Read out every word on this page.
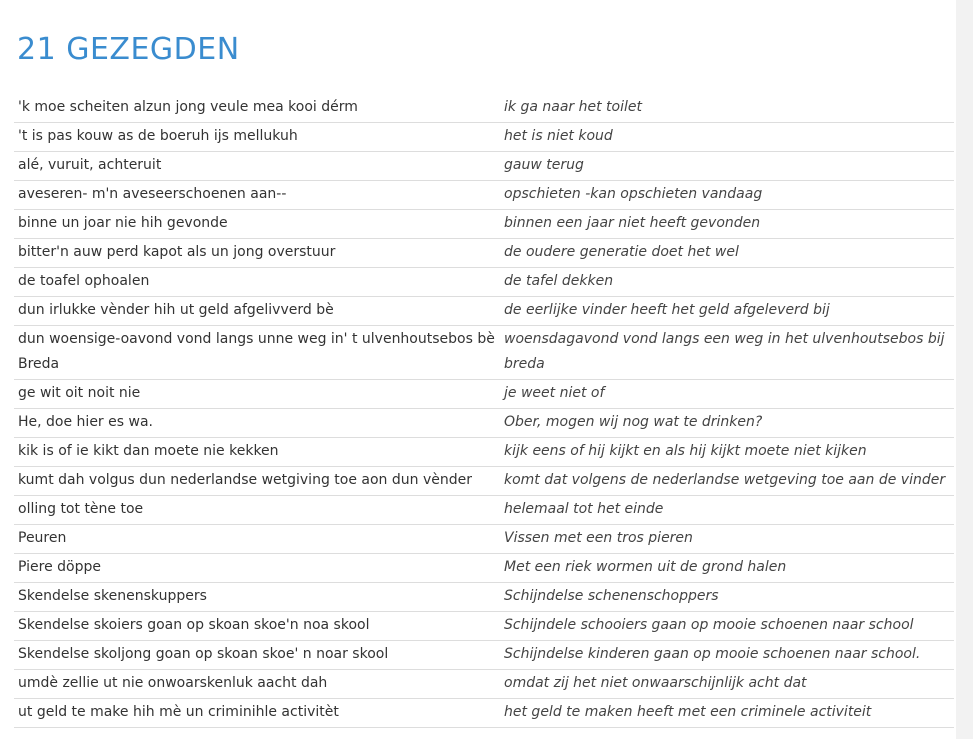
21 GEZEGDEN
'k moe scheiten alzun jong veule mea kooi dérm	ik ga naar het toilet
't is pas kouw as de boeruh ijs mellukuh	het is niet koud
alé, vuruit, achteruit	gauw terug
aveseren- m'n aveseerschoenen aan--	opschieten -kan opschieten vandaag
binne un joar nie hih gevonde	binnen een jaar niet heeft gevonden
bitter'n auw perd kapot als un jong overstuur	de oudere generatie doet het wel
de toafel ophoalen	de tafel dekken
dun irlukke vènder hih ut geld afgelivverd bè	de eerlijke vinder heeft het geld afgeleverd bij
dun woensige-oavond vond langs unne weg in' t ulvenhoutsebos bè Breda	woensdagavond vond langs een weg in het ulvenhoutsebos bij breda
ge wit oit noit nie	je weet niet of
He, doe hier es wa.	Ober, mogen wij nog wat te drinken?
kik is of ie kikt dan moete nie kekken	kijk eens of hij kijkt en als hij kijkt moete niet kijken
kumt dah volgus dun nederlandse wetgiving toe aon dun vènder	komt dat volgens de nederlandse wetgeving toe aan de vinder
olling tot tène toe	helemaal tot het einde
Peuren	Vissen met een tros pieren
Piere döppe	Met een riek wormen uit de grond halen
Skendelse skenenskuppers	Schijndelse schenenschoppers
Skendelse skoiers goan op skoan skoe'n noa skool	Schijndele schooiers gaan op mooie schoenen naar school
Skendelse skoljong goan op skoan skoe' n noar skool	Schijndelse kinderen gaan op mooie schoenen naar school.
umdè zellie ut nie onwoarskenluk aacht dah	omdat zij het niet onwaarschijnlijk acht dat
ut geld te make hih mè un criminihle activitèt	het geld te maken heeft met een criminele activiteit
